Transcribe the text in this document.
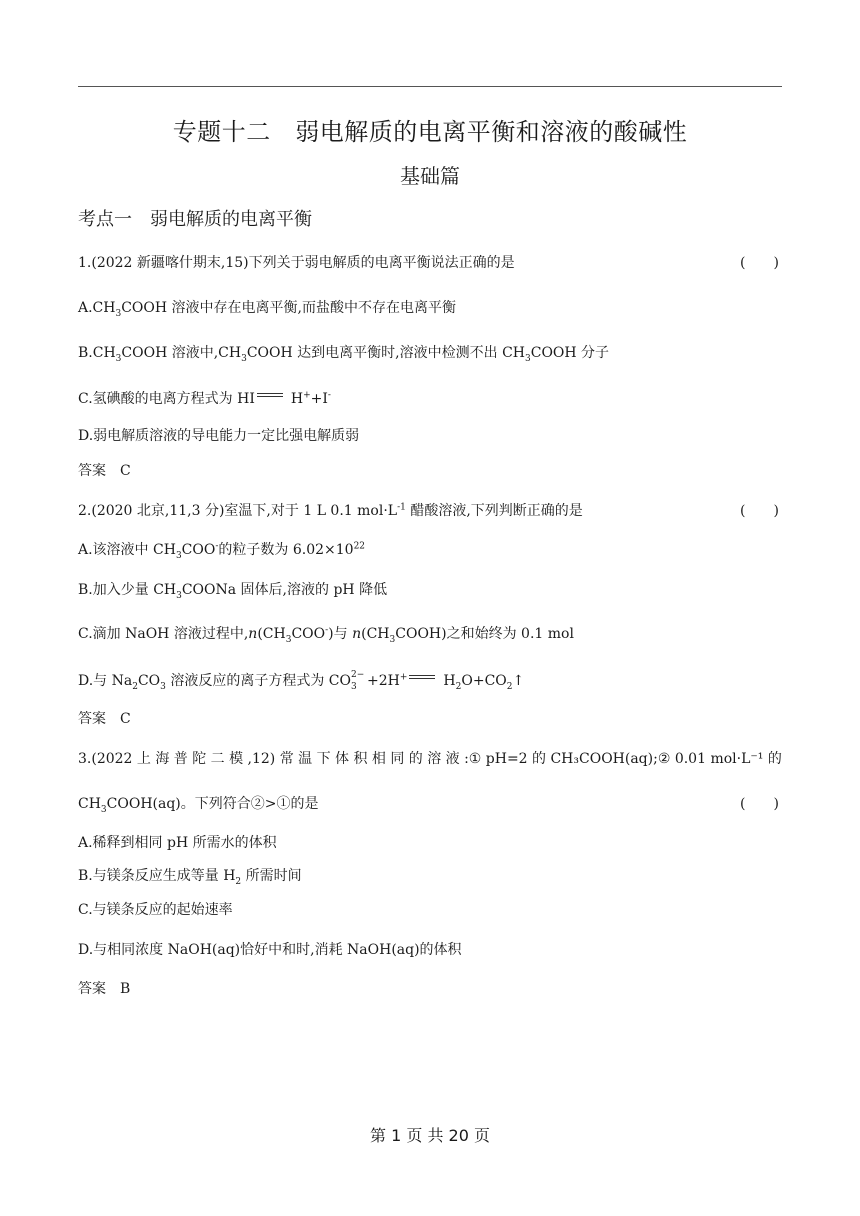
专题十二　弱电解质的电离平衡和溶液的酸碱性
基础篇
考点一　弱电解质的电离平衡
1.(2022 新疆喀什期末,15)下列关于弱电解质的电离平衡说法正确的是	(　　)
$A.CH_3COOH$ 溶液中存在电离平衡,而盐酸中不存在电离平衡
$B.CH_3COOH$ 溶液中$,CH_3COOH$ 达到电离平衡时,溶液中检测不出 $CH_3COOH$ 分子
C.氢碘酸的电离方程式为 HI	H++I-
D.弱电解质溶液的导电能力一定比强电解质弱
答案　C
2.(2020 北京,11,3 分)室温下,对于 1 L 0.1 $mol\cdot L^{-1}$ 醋酸溶液,下列判断正确的是	(　　)
A.该溶液中 $CH_3COO^-$的粒子数为 $6.02\times 10^{22}$
B.加入少量 $CH_3COONa$ 固体后,溶液的 pH 降低
C.滴加 NaOH 溶液过程中$,n(CH_3COO^-)$与 $n(CH_3COOH)$之和始终为 0.1 mol
D.与 $Na_2CO_3$ 溶液反应的离子方程式为 CO 2−
3 +2H+	$H_2O+CO_2↑$
答案　C
3.(2022 上 海 普 陀 二 模 ,12) 常 温 下 体 积 相 同 的 溶 液 :① pH=2 的 CH₃COOH(aq);② 0.01 mol·L⁻¹ 的
$CH_3COOH(aq)$。下列符合②>①的是	(　　)
A.稀释到相同 pH 所需水的体积
B.与镁条反应生成等量 $H_2$ 所需时间
C.与镁条反应的起始速率
D.与相同浓度 NaOH(aq)恰好中和时,消耗 NaOH(aq)的体积
答案　B
第 1 页 共 20 页
